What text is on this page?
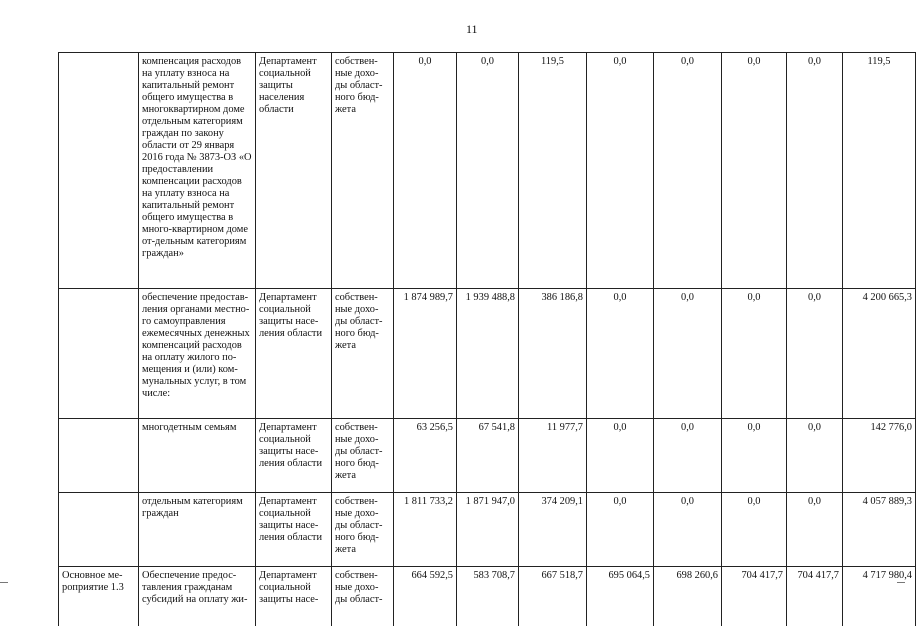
11
	компенсация расходов на уплату взноса на капитальный ремонт общего имущества в многоквартирном доме отдельным категориям граждан по закону области от 29 января 2016 года № 3873-ОЗ «О предоставлении компенсации расходов на уплату взноса на капитальный ремонт общего имущества в много-квартирном доме от-дельным категориям граждан»	Департамент социальной защиты населения области	собствен-ные дохо-ды област-ного бюд-жета	0,0	0,0	119,5	0,0	0,0	0,0	0,0	119,5
	обеспечение предостав-ления органами местно-го самоуправления ежемесячных денежных компенсаций расходов на оплату жилого по-мещения и (или) ком-мунальных услуг, в том числе:	Департамент социальной защиты насе-ления области	собствен-ные дохо-ды област-ного бюд-жета	1 874 989,7	1 939 488,8	386 186,8	0,0	0,0	0,0	0,0	4 200 665,3
	многодетным семьям	Департамент социальной защиты насе-ления области	собствен-ные дохо-ды област-ного бюд-жета	63 256,5	67 541,8	11 977,7	0,0	0,0	0,0	0,0	142 776,0
	отдельным категориям граждан	Департамент социальной защиты насе-ления области	собствен-ные дохо-ды област-ного бюд-жета	1 811 733,2	1 871 947,0	374 209,1	0,0	0,0	0,0	0,0	4 057 889,3
Основное ме-роприятие 1.3	Обеспечение предос-тавления гражданам субсидий на оплату жи-	Департамент социальной защиты насе-	собствен-ные дохо-ды област-	664 592,5	583 708,7	667 518,7	695 064,5	698 260,6	704 417,7	704 417,7	4 717 980,4
